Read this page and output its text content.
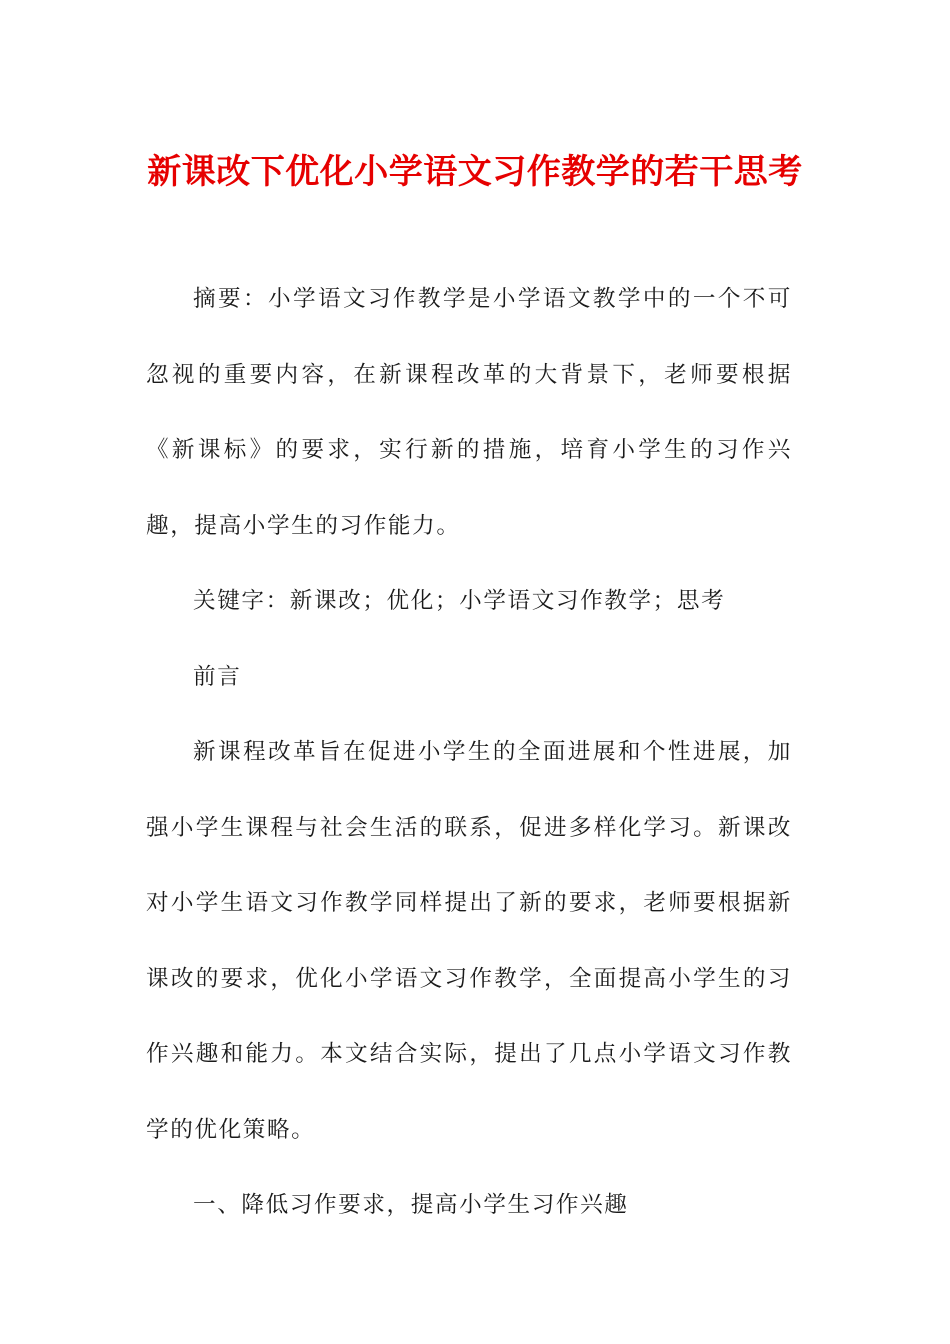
新课改下优化小学语文习作教学的若干思考

摘要：小学语文习作教学是小学语文教学中的一个不可忽视的重要内容，在新课程改革的大背景下，老师要根据《新课标》的要求，实行新的措施，培育小学生的习作兴趣，提高小学生的习作能力。

关键字：新课改；优化；小学语文习作教学；思考

前言

新课程改革旨在促进小学生的全面进展和个性进展，加强小学生课程与社会生活的联系，促进多样化学习。新课改对小学生语文习作教学同样提出了新的要求，老师要根据新课改的要求，优化小学语文习作教学，全面提高小学生的习作兴趣和能力。本文结合实际，提出了几点小学语文习作教学的优化策略。

一、降低习作要求，提高小学生习作兴趣
